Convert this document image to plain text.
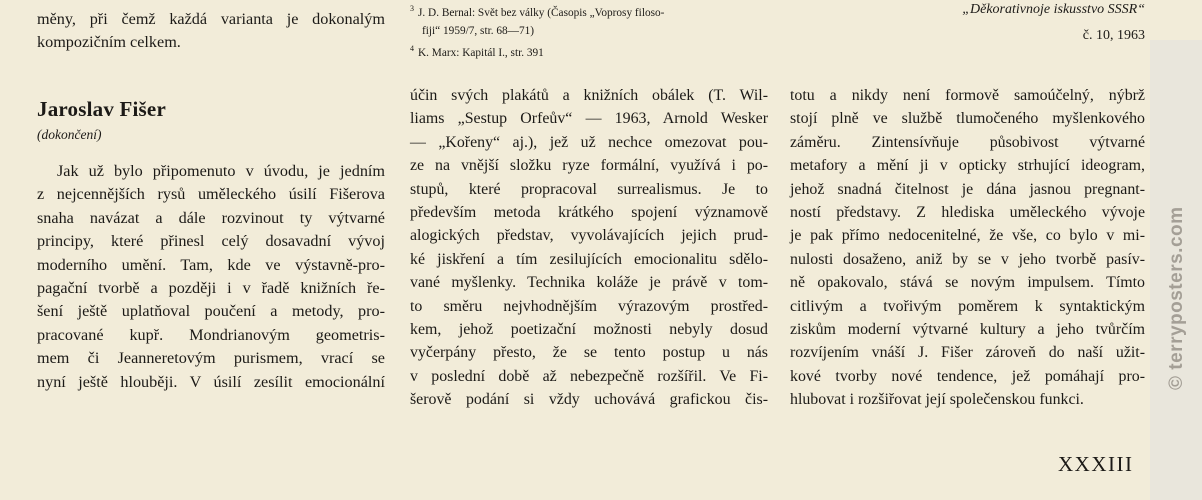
měny, při čemž každá varianta je dokonalým
kompozičním celkem.
Jaroslav Fišer
(dokončení)
Jak už bylo připomenuto v úvodu, je jedním
z nejcennějších rysů uměleckého úsilí Fišerova
snaha navázat a dále rozvinout ty výtvarné
principy, které přinesl celý dosavadní vývoj
moderního umění. Tam, kde ve výstavně-pro-
pagační tvorbě a později i v řadě knižních ře-
šení ještě uplatňoval poučení a metody, pro-
pracované kupř. Mondrianovým geometris-
mem či Jeanneretovým purismem, vrací se
nyní ještě hlouběji. V úsilí zesílit emocionální
$^3$ J. D. Bernal: Svět bez války (Časopis „Voprosy filoso-
fiji“ 1959/7, str. 68—71)
$^4$ K. Marx: Kapitál I., str. 391
„Děkorativnoje iskusstvo SSSR“
č. 10, 1963
účin svých plakátů a knižních obálek (T. Wil-
liams „Sestup Orfeův“ — 1963, Arnold Wesker
— „Kořeny“ aj.), jež už nechce omezovat pou-
ze na vnější složku ryze formální, využívá i po-
stupů, které propracoval surrealismus. Je to
především metoda krátkého spojení významově
alogických představ, vyvolávajících jejich prud-
ké jiskření a tím zesilujících emocionalitu sdělo-
vané myšlenky. Technika koláže je právě v tom-
to směru nejvhodnějším výrazovým prostřed-
kem, jehož poetizační možnosti nebyly dosud
vyčerpány přesto, že se tento postup u nás
v poslední době až nebezpečně rozšířil. Ve Fi-
šerově podání si vždy uchovává grafickou čis-
totu a nikdy není formově samoúčelný, nýbrž
stojí plně ve službě tlumočeného myšlenkového
záměru. Zintensívňuje působivost výtvarné
metafory a mění ji v opticky strhující ideogram,
jehož snadná čitelnost je dána jasnou pregnant-
ností představy. Z hlediska uměleckého vývoje
je pak přímo nedocenitelné, že vše, co bylo v mi-
nulosti dosaženo, aniž by se v jeho tvorbě pasív-
ně opakovalo, stává se novým impulsem. Tímto
citlivým a tvořivým poměrem k syntaktickým
ziskům moderní výtvarné kultury a jeho tvůrčím
rozvíjením vnáší J. Fišer zároveň do naší užit-
kové tvorby nové tendence, jež pomáhají pro-
hlubovat i rozšiřovat její společenskou funkci.
XXXIII
© terryposters.com
